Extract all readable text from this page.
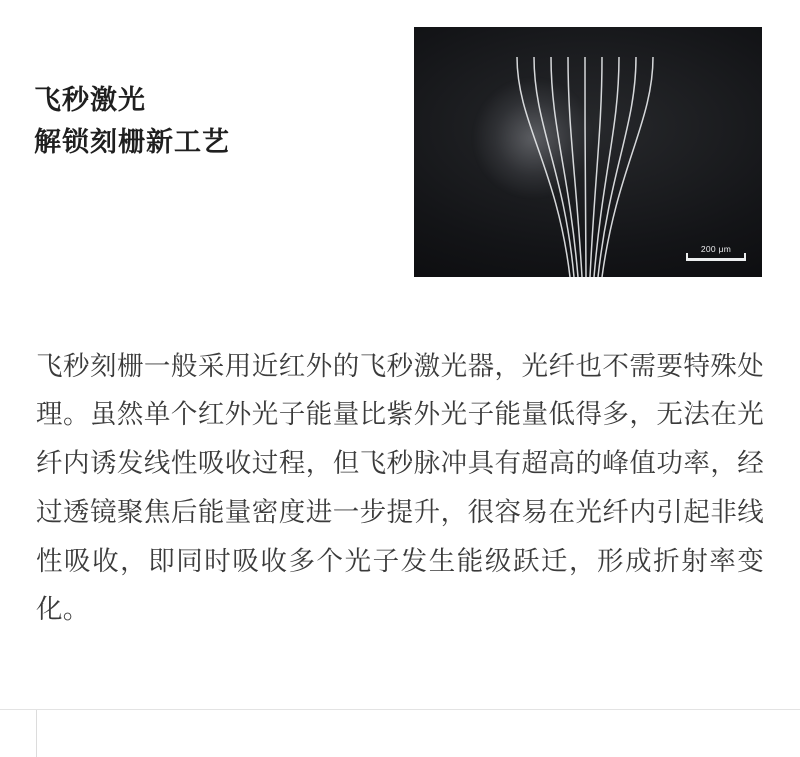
飞秒激光
解锁刻栅新工艺
200 μm

飞秒刻栅一般采用近红外的飞秒激光器，光纤也不需要特殊处理。虽然单个红外光子能量比紫外光子能量低得多，无法在光纤内诱发线性吸收过程，但飞秒脉冲具有超高的峰值功率，经过透镜聚焦后能量密度进一步提升，很容易在光纤内引起非线性吸收，即同时吸收多个光子发生能级跃迁，形成折射率变化。
